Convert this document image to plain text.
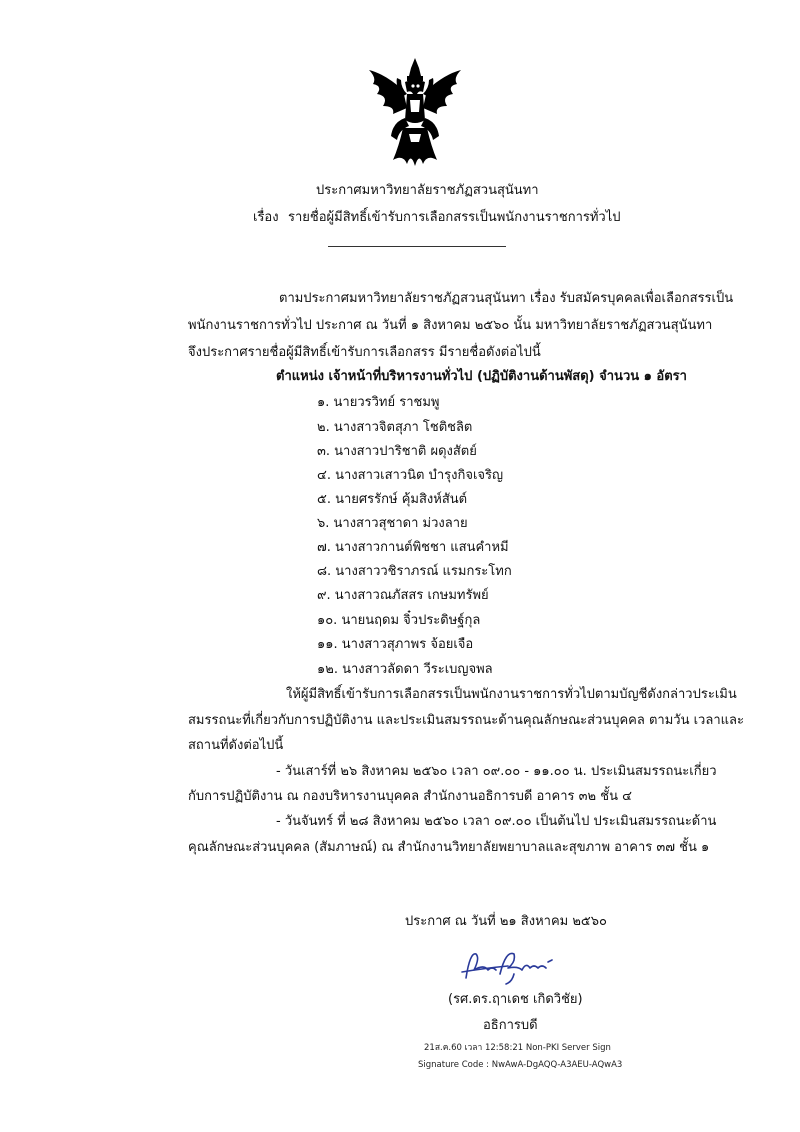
ประกาศมหาวิทยาลัยราชภัฏสวนสุนันทา
เรื่อง รายชื่อผู้มีสิทธิ์เข้ารับการเลือกสรรเป็นพนักงานราชการทั่วไป
ตามประกาศมหาวิทยาลัยราชภัฏสวนสุนันทา เรื่อง รับสมัครบุคคลเพื่อเลือกสรรเป็น
พนักงานราชการทั่วไป ประกาศ ณ วันที่ ๑ สิงหาคม ๒๕๖๐ นั้น มหาวิทยาลัยราชภัฏสวนสุนันทา
จึงประกาศรายชื่อผู้มีสิทธิ์เข้ารับการเลือกสรร มีรายชื่อดังต่อไปนี้
ตำแหน่ง เจ้าหน้าที่บริหารงานทั่วไป (ปฏิบัติงานด้านพัสดุ) จำนวน ๑ อัตรา
๑. นายวรวิทย์ ราชมพู
๒. นางสาวจิตสุภา โชติชลิต
๓. นางสาวปาริชาติ ผดุงสัตย์
๔. นางสาวเสาวนิต บำรุงกิจเจริญ
๕. นายศรรักษ์ คุ้มสิงห์สันต์
๖. นางสาวสุชาดา ม่วงลาย
๗. นางสาวกานต์พิชชา แสนคำหมี
๘. นางสาววชิราภรณ์ แรมกระโทก
๙. นางสาวณภัสสร เกษมทรัพย์
๑๐. นายนฤดม จิ๋วประดิษฐ์กุล
๑๑. นางสาวสุภาพร จ้อยเจือ
๑๒. นางสาวลัดดา วีระเบญจพล
ให้ผู้มีสิทธิ์เข้ารับการเลือกสรรเป็นพนักงานราชการทั่วไปตามบัญชีดังกล่าวประเมิน
สมรรถนะที่เกี่ยวกับการปฏิบัติงาน และประเมินสมรรถนะด้านคุณลักษณะส่วนบุคคล ตามวัน เวลาและ
สถานที่ดังต่อไปนี้
- วันเสาร์ที่ ๒๖ สิงหาคม ๒๕๖๐ เวลา ๐๙.๐๐ - ๑๑.๐๐ น. ประเมินสมรรถนะเกี่ยว
กับการปฏิบัติงาน ณ กองบริหารงานบุคคล สำนักงานอธิการบดี อาคาร ๓๒ ชั้น ๔
- วันจันทร์ ที่ ๒๘ สิงหาคม ๒๕๖๐ เวลา ๐๙.๐๐ เป็นต้นไป ประเมินสมรรถนะด้าน
คุณลักษณะส่วนบุคคล (สัมภาษณ์) ณ สำนักงานวิทยาลัยพยาบาลและสุขภาพ อาคาร ๓๗ ชั้น ๑
ประกาศ ณ วันที่ ๒๑ สิงหาคม ๒๕๖๐
(รศ.ดร.ฤาเดช เกิดวิชัย)
อธิการบดี
21ส.ค.60 เวลา 12:58:21 Non-PKI Server Sign
Signature Code : NwAwA-DgAQQ-A3AEU-AQwA3
